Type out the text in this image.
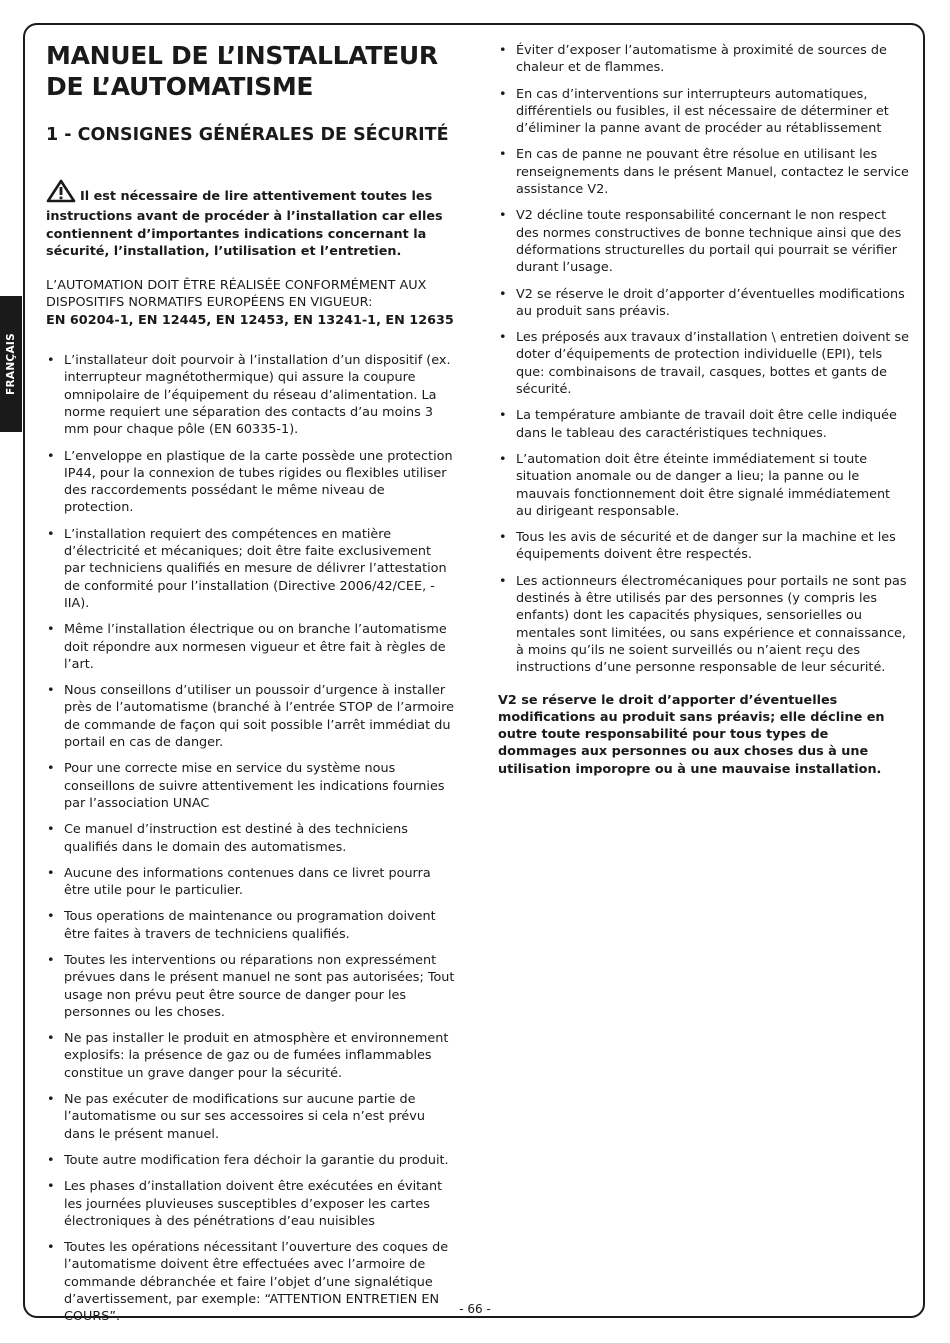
FRANÇAIS
MANUEL DE L’INSTALLATEUR DE L’AUTOMATISME
1 - CONSIGNES GÉNÉRALES DE SÉCURITÉ
Il est nécessaire de lire attentivement toutes les instructions avant de procéder à l’installation car elles contiennent d’importantes indications concernant la sécurité, l’installation, l’utilisation et l’entretien.
L’AUTOMATION DOIT ÊTRE RÉALISÉE CONFORMÉMENT AUX DISPOSITIFS NORMATIFS EUROPÉENS EN VIGUEUR:
EN 60204-1, EN 12445, EN 12453, EN 13241-1, EN 12635
• L’installateur doit pourvoir à l’installation d’un dispositif (ex. interrupteur magnétothermique) qui assure la coupure omnipolaire de l’équipement du réseau d’alimentation. La norme requiert une séparation des contacts d’au moins 3 mm pour chaque pôle (EN 60335-1).
• L’enveloppe en plastique de la carte possède une protection IP44, pour la connexion de tubes rigides ou flexibles utiliser des raccordements possédant le même niveau de protection.
• L’installation requiert des compétences en matière d’électricité et mécaniques; doit être faite exclusivement par techniciens qualifiés en mesure de délivrer l’attestation de conformité pour l’installation (Directive 2006/42/CEE, - IIA).
• Même l’installation électrique ou on branche l’automatisme doit répondre aux normesen vigueur et être fait à règles de l’art.
• Nous conseillons d’utiliser un poussoir d’urgence à installer près de l’automatisme (branché à l’entrée STOP de l’armoire de commande de façon qui soit possible l’arrêt immédiat du portail en cas de danger.
• Pour une correcte mise en service du système nous conseillons de suivre attentivement les indications fournies par l’association UNAC
• Ce manuel d’instruction est destiné à des techniciens qualifiés dans le domain des automatismes.
• Aucune des informations contenues dans ce livret pourra être utile pour le particulier.
• Tous operations de maintenance ou programation doivent être faites à travers de techniciens qualifiés.
• Toutes les interventions ou réparations non expressément prévues dans le présent manuel ne sont pas autorisées; Tout usage non prévu peut être source de danger pour les personnes ou les choses.
• Ne pas installer le produit en atmosphère et environnement explosifs: la présence de gaz ou de fumées inflammables constitue un grave danger pour la sécurité.
• Ne pas exécuter de modifications sur aucune partie de l’automatisme ou sur ses accessoires si cela n’est prévu dans le présent manuel.
• Toute autre modification fera déchoir la garantie du produit.
• Les phases d’installation doivent être exécutées en évitant les journées pluvieuses susceptibles d’exposer les cartes électroniques à des pénétrations d’eau nuisibles
• Toutes les opérations nécessitant l’ouverture des coques de l’automatisme doivent être effectuées avec l’armoire de commande débranchée et faire l’objet d’une signalétique d’avertissement, par exemple: “ATTENTION ENTRETIEN EN COURS”.
• Éviter d’exposer l’automatisme à proximité de sources de chaleur et de flammes.
• En cas d’interventions sur interrupteurs automatiques, différentiels ou fusibles, il est nécessaire de déterminer et d’éliminer la panne avant de procéder au rétablissement
• En cas de panne ne pouvant être résolue en utilisant les renseignements dans le présent Manuel, contactez le service assistance V2.
• V2 décline toute responsabilité concernant le non respect des normes constructives de bonne technique ainsi que des déformations structurelles du portail qui pourrait se vérifier durant l’usage.
• V2 se réserve le droit d’apporter d’éventuelles modifications au produit sans préavis.
• Les préposés aux travaux d’installation \ entretien doivent se doter d’équipements de protection individuelle (EPI), tels que: combinaisons de travail, casques, bottes et gants de sécurité.
• La température ambiante de travail doit être celle indiquée dans le tableau des caractéristiques techniques.
• L’automation doit être éteinte immédiatement si toute situation anomale ou de danger a lieu; la panne ou le mauvais fonctionnement doit être signalé immédiatement au dirigeant responsable.
• Tous les avis de sécurité et de danger sur la machine et les équipements doivent être respectés.
• Les actionneurs électromécaniques pour portails ne sont pas destinés à être utilisés par des personnes (y compris les enfants) dont les capacités physiques, sensorielles ou mentales sont limitées, ou sans expérience et connaissance, à moins qu’ils ne soient surveillés ou n’aient reçu des instructions d’une personne responsable de leur sécurité.
V2 se réserve le droit d’apporter d’éventuelles modifications au produit sans préavis; elle décline en outre toute responsabilité pour tous types de dommages aux personnes ou aux choses dus à une utilisation imporopre ou à une mauvaise installation.
- 66 -
